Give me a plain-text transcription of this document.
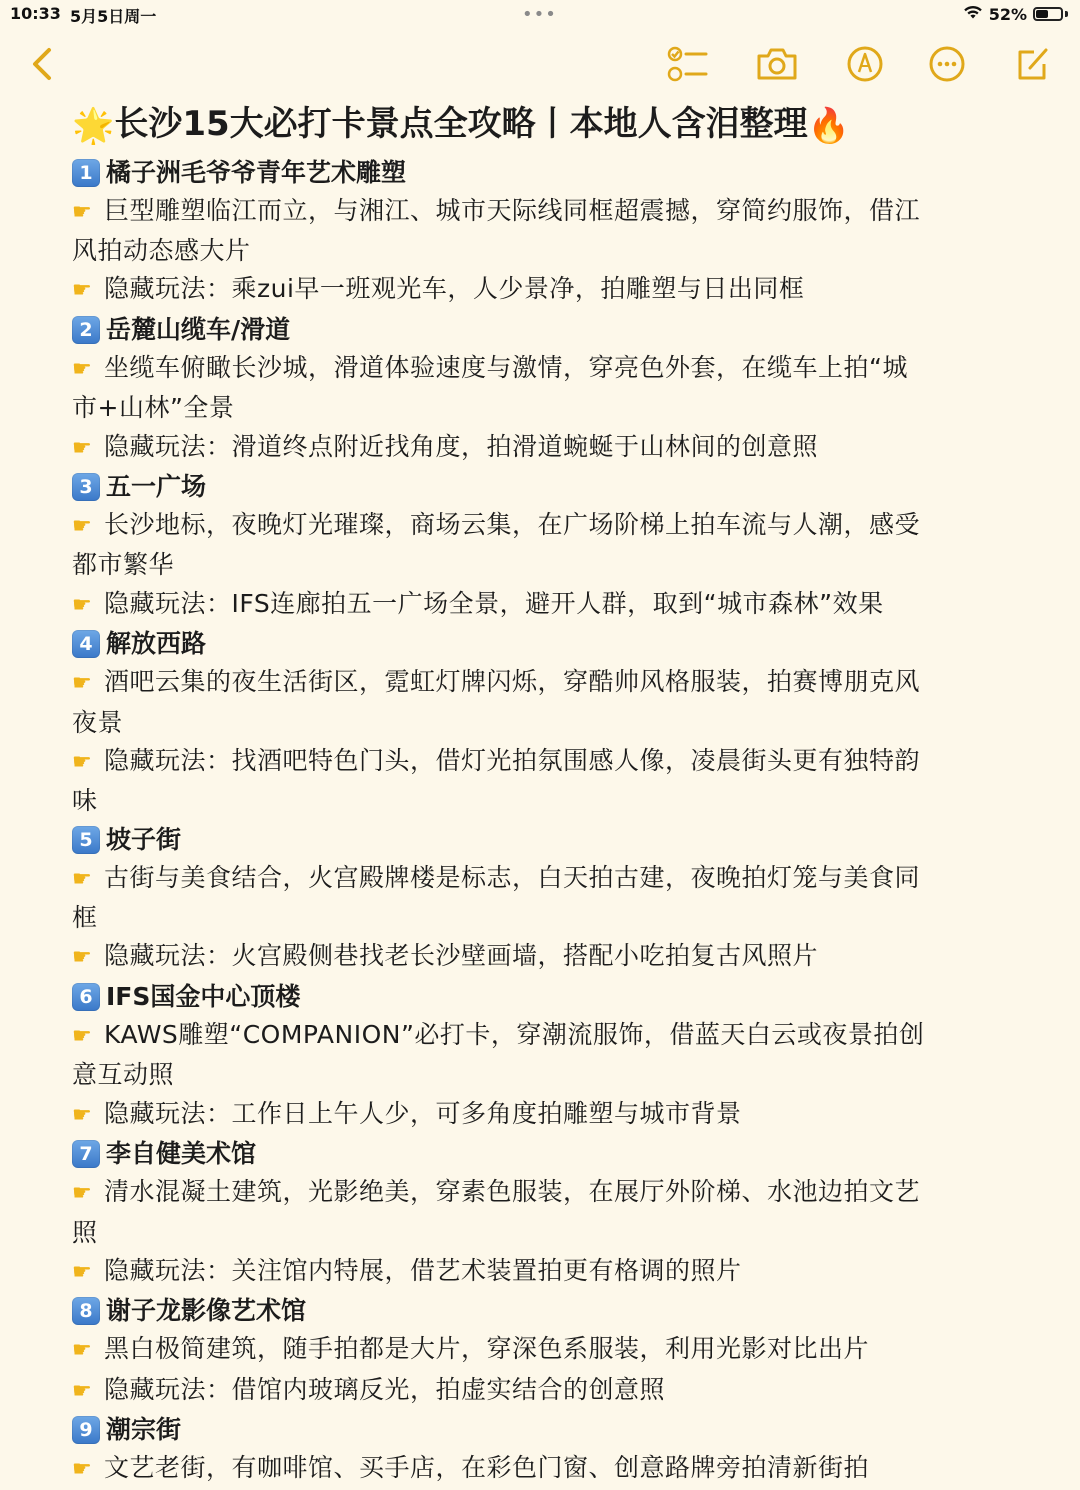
10:33 5月5日周一	•••	52%
🌟长沙15大必打卡景点全攻略丨本地人含泪整理🔥
1 橘子洲毛爷爷青年艺术雕塑
☛ 巨型雕塑临江而立，与湘江、城市天际线同框超震撼，穿简约服饰，借江
风拍动态感大片
☛ 隐藏玩法：乘zui早一班观光车，人少景净，拍雕塑与日出同框
2 岳麓山缆车/滑道
☛ 坐缆车俯瞰长沙城，滑道体验速度与激情，穿亮色外套，在缆车上拍“城
市+山林”全景
☛ 隐藏玩法：滑道终点附近找角度，拍滑道蜿蜒于山林间的创意照
3 五一广场
☛ 长沙地标，夜晚灯光璀璨，商场云集，在广场阶梯上拍车流与人潮，感受
都市繁华
☛ 隐藏玩法：IFS连廊拍五一广场全景，避开人群，取到“城市森林”效果
4 解放西路
☛ 酒吧云集的夜生活街区，霓虹灯牌闪烁，穿酷帅风格服装，拍赛博朋克风
夜景
☛ 隐藏玩法：找酒吧特色门头，借灯光拍氛围感人像，凌晨街头更有独特韵
味
5 坡子街
☛ 古街与美食结合，火宫殿牌楼是标志，白天拍古建，夜晚拍灯笼与美食同
框
☛ 隐藏玩法：火宫殿侧巷找老长沙壁画墙，搭配小吃拍复古风照片
6 IFS国金中心顶楼
☛ KAWS雕塑“COMPANION”必打卡，穿潮流服饰，借蓝天白云或夜景拍创
意互动照
☛ 隐藏玩法：工作日上午人少，可多角度拍雕塑与城市背景
7 李自健美术馆
☛ 清水混凝土建筑，光影绝美，穿素色服装，在展厅外阶梯、水池边拍文艺
照
☛ 隐藏玩法：关注馆内特展，借艺术装置拍更有格调的照片
8 谢子龙影像艺术馆
☛ 黑白极简建筑，随手拍都是大片，穿深色系服装，利用光影对比出片
☛ 隐藏玩法：借馆内玻璃反光，拍虚实结合的创意照
9 潮宗街
☛ 文艺老街，有咖啡馆、买手店，在彩色门窗、创意路牌旁拍清新街拍
